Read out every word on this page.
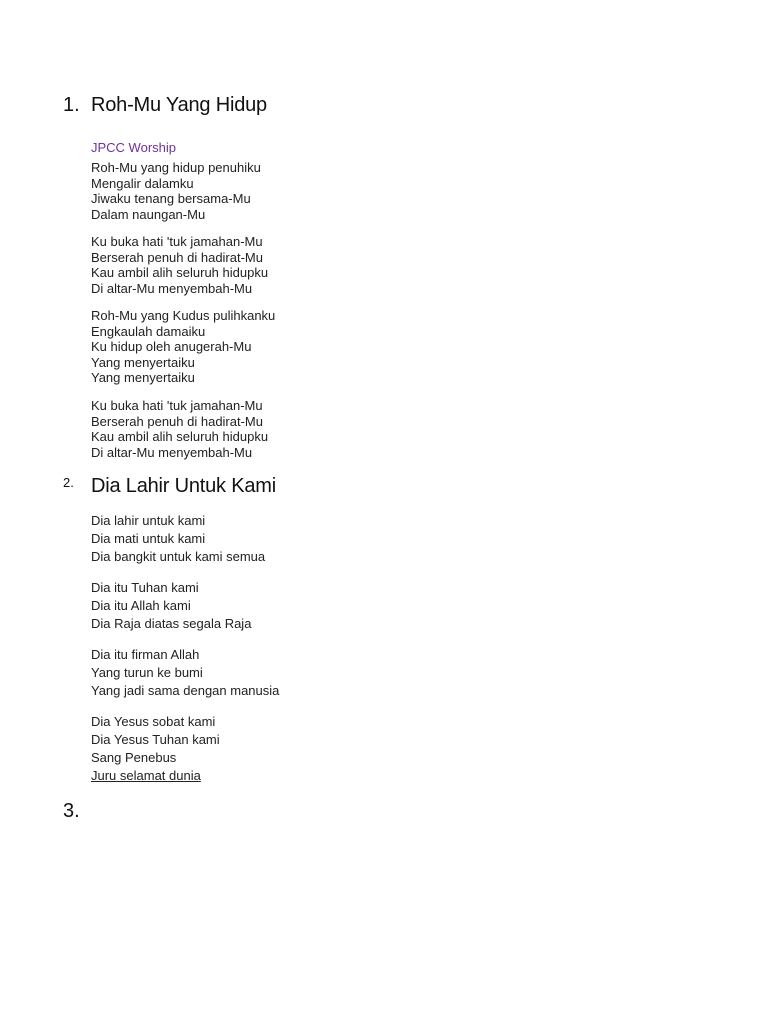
1. Roh-Mu Yang Hidup
JPCC Worship
Roh-Mu yang hidup penuhiku
Mengalir dalamku
Jiwaku tenang bersama-Mu
Dalam naungan-Mu
Ku buka hati 'tuk jamahan-Mu
Berserah penuh di hadirat-Mu
Kau ambil alih seluruh hidupku
Di altar-Mu menyembah-Mu
Roh-Mu yang Kudus pulihkanku
Engkaulah damaiku
Ku hidup oleh anugerah-Mu
Yang menyertaiku
Yang menyertaiku
Ku buka hati 'tuk jamahan-Mu
Berserah penuh di hadirat-Mu
Kau ambil alih seluruh hidupku
Di altar-Mu menyembah-Mu
2. Dia Lahir Untuk Kami
Dia lahir untuk kami
Dia mati untuk kami
Dia bangkit untuk kami semua
Dia itu Tuhan kami
Dia itu Allah kami
Dia Raja diatas segala Raja
Dia itu firman Allah
Yang turun ke bumi
Yang jadi sama dengan manusia
Dia Yesus sobat kami
Dia Yesus Tuhan kami
Sang Penebus
Juru selamat dunia
3.
